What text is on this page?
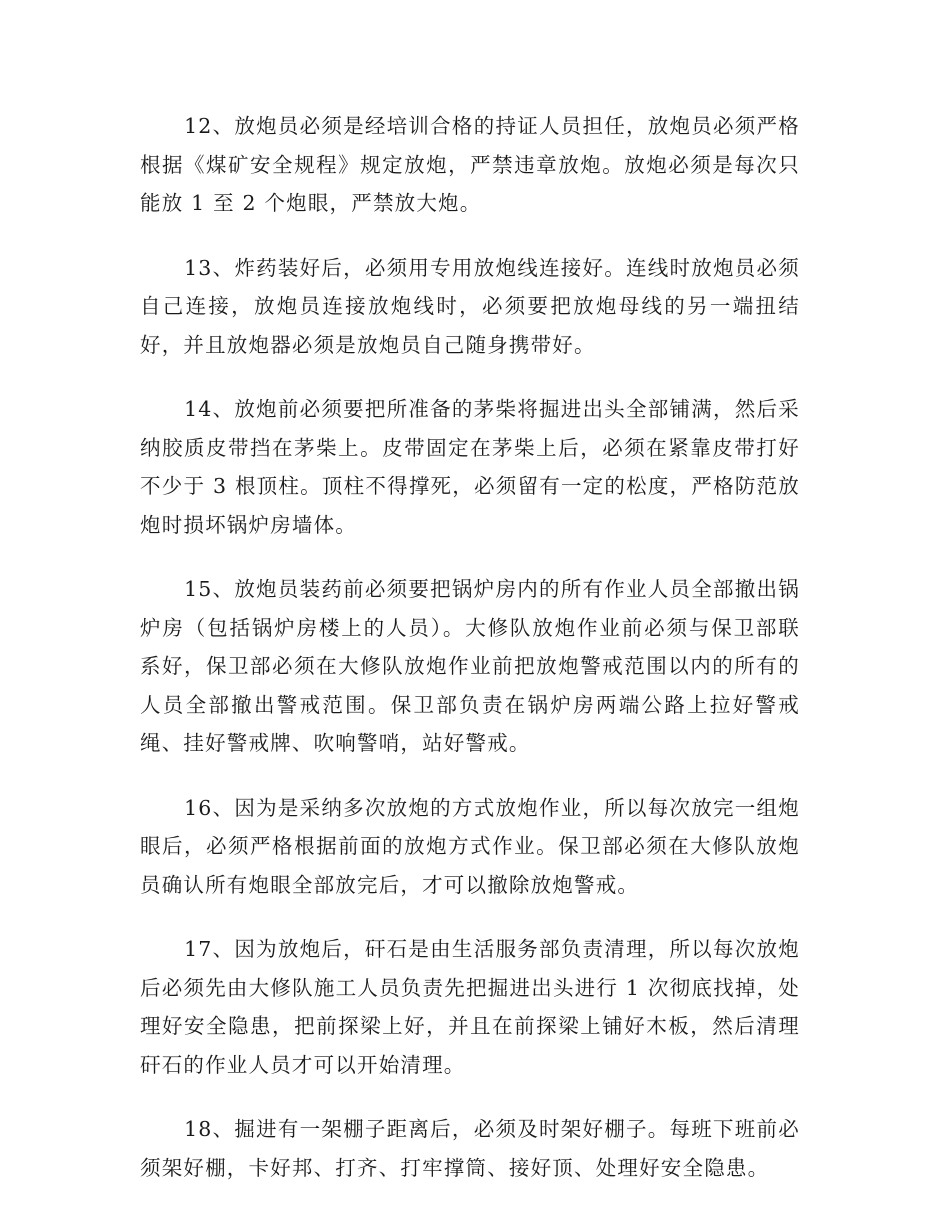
12、放炮员必须是经培训合格的持证人员担任，放炮员必须严格根据《煤矿安全规程》规定放炮，严禁违章放炮。放炮必须是每次只能放 1 至 2 个炮眼，严禁放大炮。

13、炸药装好后，必须用专用放炮线连接好。连线时放炮员必须自己连接，放炮员连接放炮线时，必须要把放炮母线的另一端扭结好，并且放炮器必须是放炮员自己随身携带好。

14、放炮前必须要把所准备的茅柴将掘进岀头全部铺满，然后采纳胶质皮带挡在茅柴上。皮带固定在茅柴上后，必须在紧靠皮带打好不少于 3 根顶柱。顶柱不得撑死，必须留有一定的松度，严格防范放炮时损坏锅炉房墙体。

15、放炮员装药前必须要把锅炉房内的所有作业人员全部撤出锅炉房（包括锅炉房楼上的人员）。大修队放炮作业前必须与保卫部联系好，保卫部必须在大修队放炮作业前把放炮警戒范围以内的所有的人员全部撤出警戒范围。保卫部负责在锅炉房两端公路上拉好警戒绳、挂好警戒牌、吹响警哨，站好警戒。

16、因为是采纳多次放炮的方式放炮作业，所以每次放完一组炮眼后，必须严格根据前面的放炮方式作业。保卫部必须在大修队放炮员确认所有炮眼全部放完后，才可以撤除放炮警戒。

17、因为放炮后，矸石是由生活服务部负责清理，所以每次放炮后必须先由大修队施工人员负责先把掘进岀头进行 1 次彻底找掉，处理好安全隐患，把前探梁上好，并且在前探梁上铺好木板，然后清理矸石的作业人员才可以开始清理。

18、掘进有一架棚子距离后，必须及时架好棚子。每班下班前必须架好棚，卡好邦、打齐、打牢撑筒、接好顶、处理好安全隐患。
